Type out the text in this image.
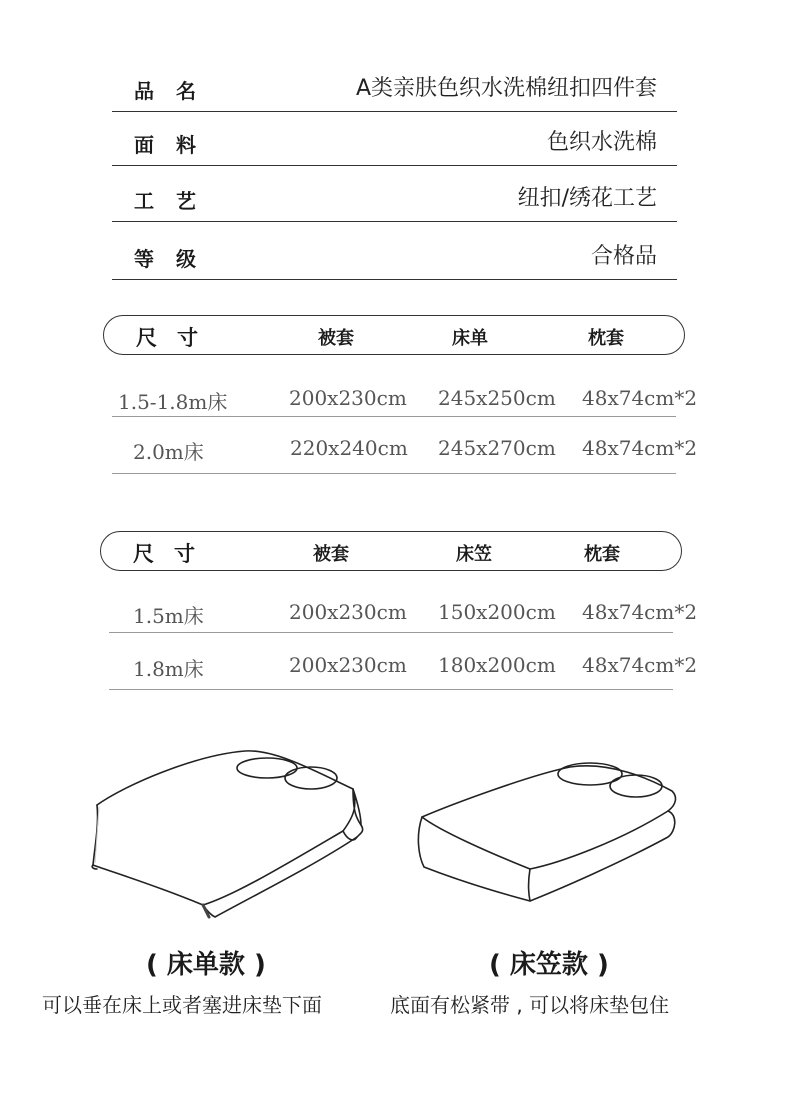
品名	A类亲肤色织水洗棉纽扣四件套
面料	色织水洗棉
工艺	纽扣/绣花工艺
等级	合格品
尺寸	被套	床单	枕套
1.5-1.8m床	200x230cm 245x250cm 48x74cm*2
2.0m床	220x240cm 245x270cm 48x74cm*2
尺寸	被套	床笠	枕套
1.5m床	200x230cm 150x200cm 48x74cm*2
1.8m床	200x230cm 180x200cm 48x74cm*2
( 床单款 )	( 床笠款 )
可以垂在床上或者塞进床垫下面	底面有松紧带 , 可以将床垫包住
